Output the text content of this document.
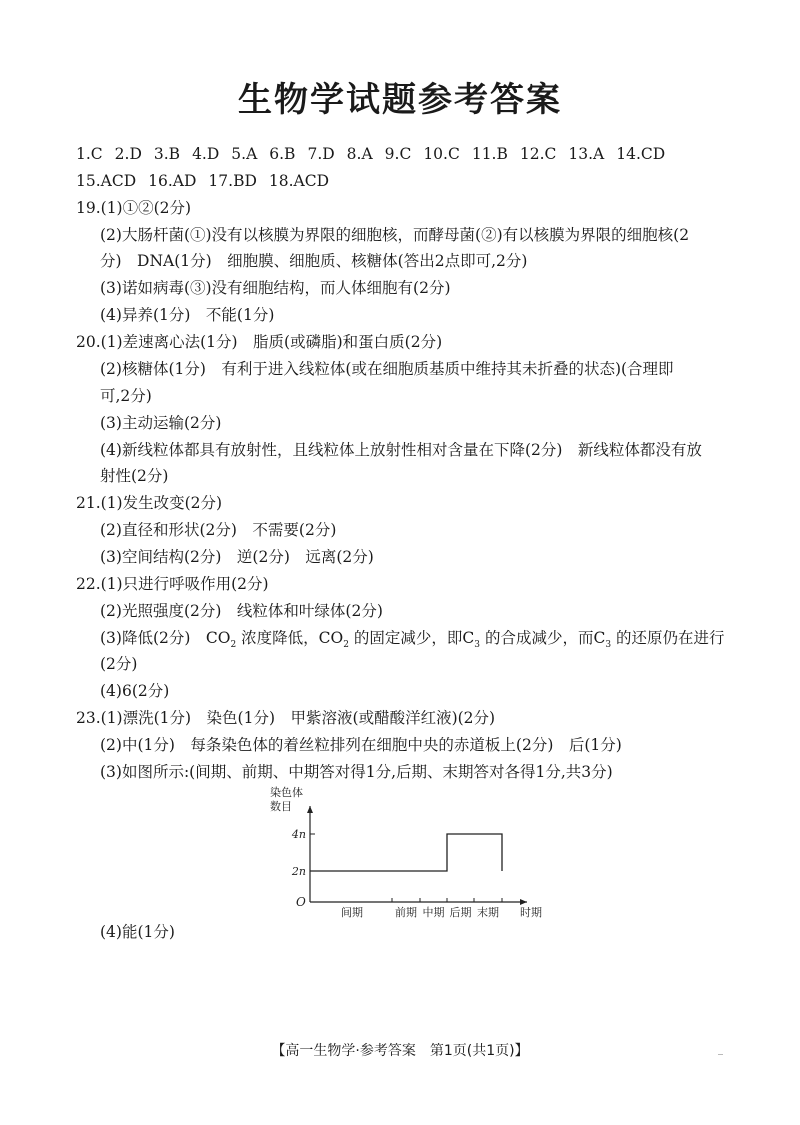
生物学试题参考答案
1.C 2.D 3.B 4.D 5.A 6.B 7.D 8.A 9.C 10.C 11.B 12.C 13.A 14.CD
15.ACD 16.AD 17.BD 18.ACD
19.(1)①②(2分)
(2)大肠杆菌(①)没有以核膜为界限的细胞核，而酵母菌(②)有以核膜为界限的细胞核(2
分)　DNA(1分)　细胞膜、细胞质、核糖体(答出2点即可,2分)
(3)诺如病毒(③)没有细胞结构，而人体细胞有(2分)
(4)异养(1分)　不能(1分)
20.(1)差速离心法(1分)　脂质(或磷脂)和蛋白质(2分)
(2)核糖体(1分)　有利于进入线粒体(或在细胞质基质中维持其未折叠的状态)(合理即
可,2分)
(3)主动运输(2分)
(4)新线粒体都具有放射性，且线粒体上放射性相对含量在下降(2分)　新线粒体都没有放
射性(2分)
21.(1)发生改变(2分)
(2)直径和形状(2分)　不需要(2分)
(3)空间结构(2分)　逆(2分)　远离(2分)
22.(1)只进行呼吸作用(2分)
(2)光照强度(2分)　线粒体和叶绿体(2分)
(3)降低(2分)　$CO_2$ 浓度降低，$CO_2$ 的固定减少，即$C_3$ 的合成减少，而$C_3$ 的还原仍在进行
(2分)
(4)6(2分)
23.(1)漂洗(1分)　染色(1分)　甲紫溶液(或醋酸洋红液)(2分)
(2)中(1分)　每条染色体的着丝粒排列在细胞中央的赤道板上(2分)　后(1分)
(3)如图所示:(间期、前期、中期答对得1分,后期、末期答对各得1分,共3分)
染色体
数目
O
2n
4n
间期	前期 中期 后期 末期 时期
(4)能(1分)
【高一生物学·参考答案　第1页(共1页)】	_
